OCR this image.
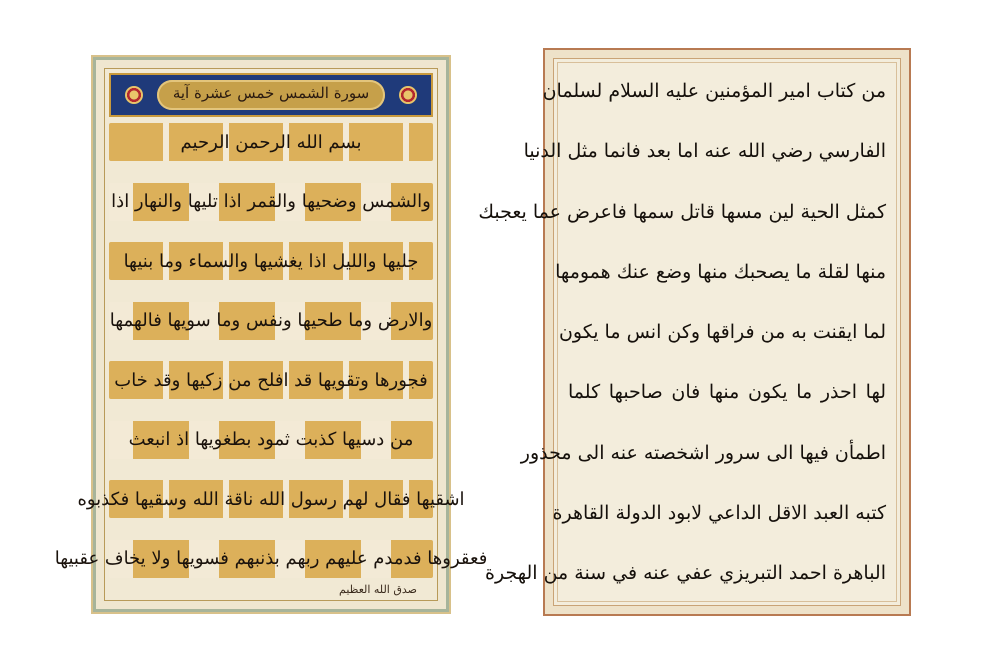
سورة الشمس خمس عشرة آية
بسم الله الرحمن الرحيم
والشمس وضحيها والقمر اذا تليها والنهار اذا
جليها والليل اذا يغشيها والسماء وما بنيها
والارض وما طحيها ونفس وما سويها فالهمها
فجورها وتقويها قد افلح من زكيها وقد خاب
من دسيها كذبت ثمود بطغويها اذ انبعث
اشقيها فقال لهم رسول الله ناقة الله وسقيها فكذبوه
فعقروها فدمدم عليهم ربهم بذنبهم فسويها ولا يخاف عقبيها
صدق الله العظيم
من كتاب امير المؤمنين عليه السلام لسلمان
الفارسي رضي الله عنه اما بعد فانما مثل الدنيا
كمثل الحية لين مسها قاتل سمها فاعرض عما يعجبك
منها لقلة ما يصحبك منها وضع عنك همومها
لما ايقنت به من فراقها وكن انس ما يكون
لها احذر ما يكون منها فان صاحبها كلما
اطمأن فيها الى سرور اشخصته عنه الى محذور
كتبه العبد الاقل الداعي لابود الدولة القاهرة
الباهرة احمد التبريزي عفي عنه في سنة من الهجرة
